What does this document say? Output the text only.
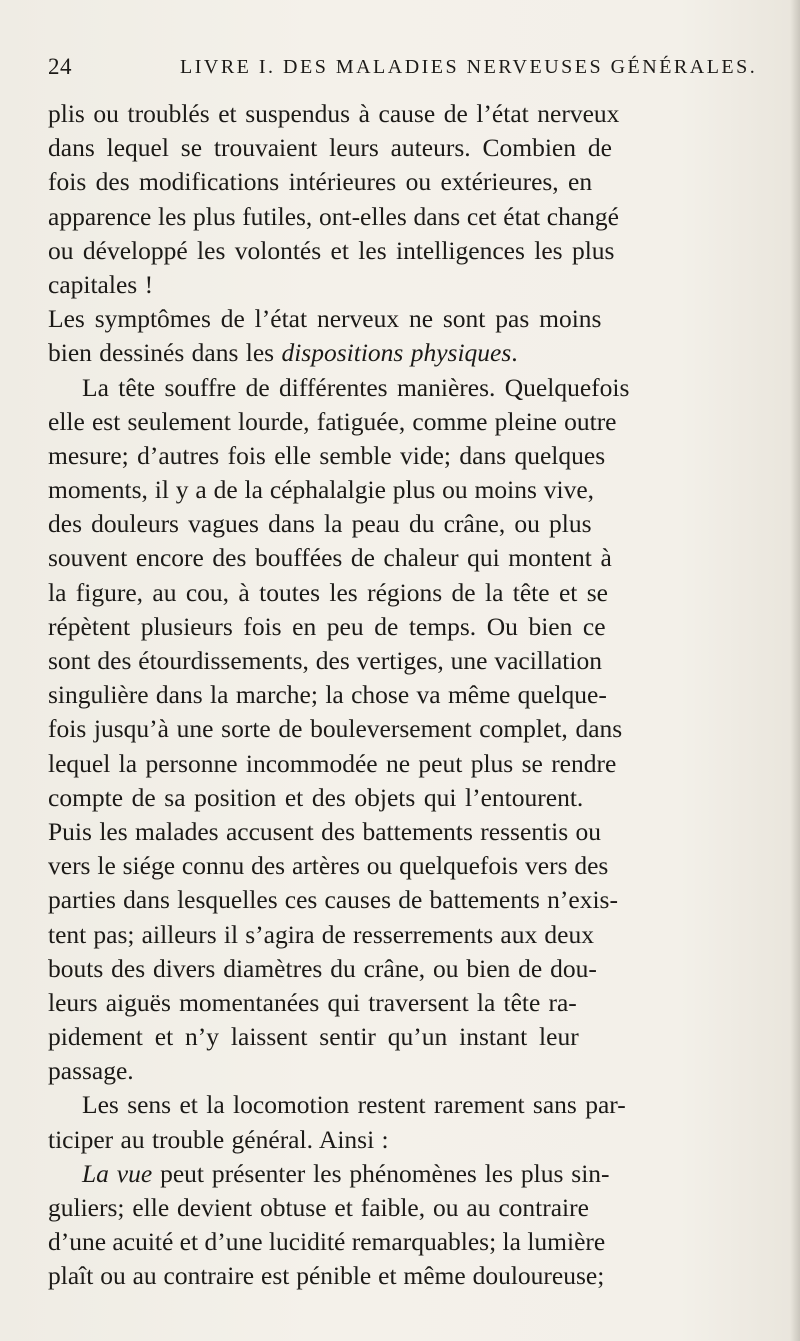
24	LIVRE I. DES MALADIES NERVEUSES GÉNÉRALES.
plis ou troublés et suspendus à cause de l’état nerveux
dans lequel se trouvaient leurs auteurs. Combien de
fois des modifications intérieures ou extérieures, en
apparence les plus futiles, ont-elles dans cet état changé
ou développé les volontés et les intelligences les plus
capitales !
Les symptômes de l’état nerveux ne sont pas moins
bien dessinés dans les dispositions physiques.
La tête souffre de différentes manières. Quelquefois
elle est seulement lourde, fatiguée, comme pleine outre
mesure; d’autres fois elle semble vide; dans quelques
moments, il y a de la céphalalgie plus ou moins vive,
des douleurs vagues dans la peau du crâne, ou plus
souvent encore des bouffées de chaleur qui montent à
la figure, au cou, à toutes les régions de la tête et se
répètent plusieurs fois en peu de temps. Ou bien ce
sont des étourdissements, des vertiges, une vacillation
singulière dans la marche; la chose va même quelque-
fois jusqu’à une sorte de bouleversement complet, dans
lequel la personne incommodée ne peut plus se rendre
compte de sa position et des objets qui l’entourent.
Puis les malades accusent des battements ressentis ou
vers le siége connu des artères ou quelquefois vers des
parties dans lesquelles ces causes de battements n’exis-
tent pas; ailleurs il s’agira de resserrements aux deux
bouts des divers diamètres du crâne, ou bien de dou-
leurs aiguës momentanées qui traversent la tête ra-
pidement et n’y laissent sentir qu’un instant leur
passage.
Les sens et la locomotion restent rarement sans par-
ticiper au trouble général. Ainsi :
La vue peut présenter les phénomènes les plus sin-
guliers; elle devient obtuse et faible, ou au contraire
d’une acuité et d’une lucidité remarquables; la lumière
plaît ou au contraire est pénible et même douloureuse;
